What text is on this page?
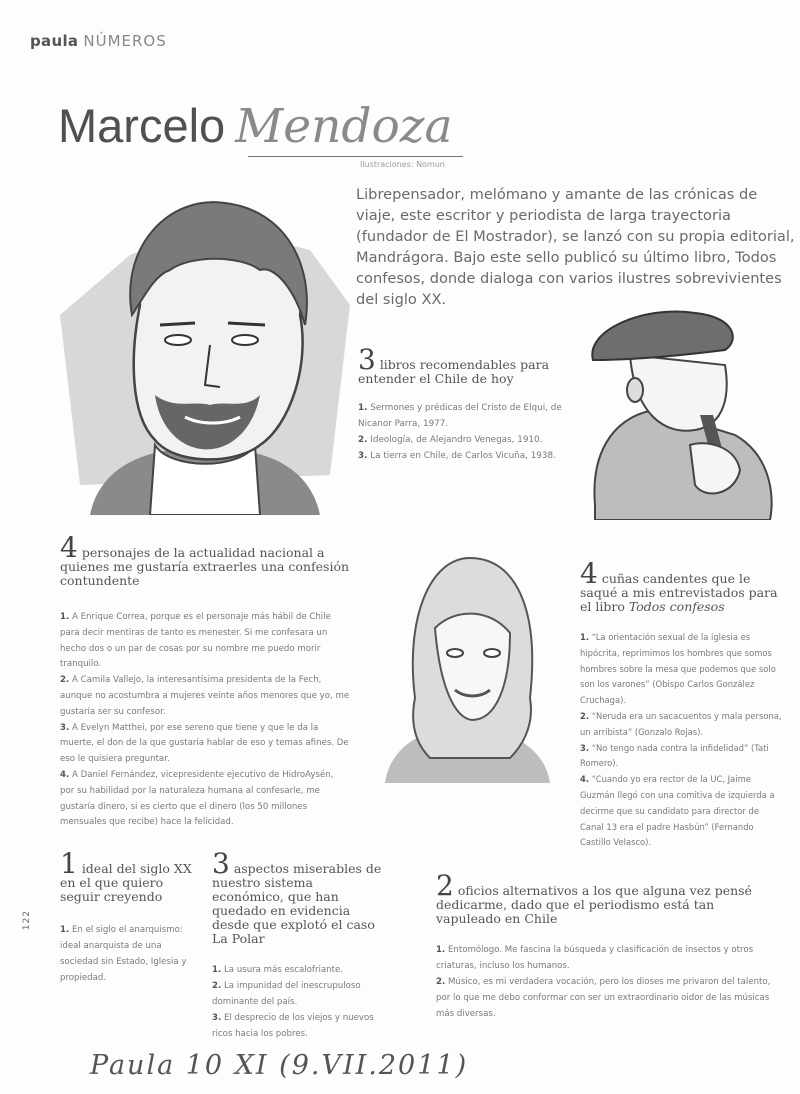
paula NÚMEROS
Marcelo Mendoza
Ilustraciones: Nomun
Librepensador, melómano y amante de las crónicas de viaje, este escritor y periodista de larga trayectoria (fundador de El Mostrador), se lanzó con su propia editorial, Mandrágora. Bajo este sello publicó su último libro, Todos confesos, donde dialoga con varios ilustres sobrevivientes del siglo XX.
3 libros recomendables para entender el Chile de hoy

1. Sermones y prédicas del Cristo de Elqui, de Nicanor Parra, 1977.

2. Ideología, de Alejandro Venegas, 1910.

3. La tierra en Chile, de Carlos Vicuña, 1938.

4 personajes de la actualidad nacional a quienes me gustaría extraerles una confesión contundente

1. A Enrique Correa, porque es el personaje más hábil de Chile para decir mentiras de tanto es menester. Si me confesara un hecho dos o un par de cosas por su nombre me puedo morir tranquilo.

2. A Camila Vallejo, la interesantísima presidenta de la Fech, aunque no acostumbra a mujeres veinte años menores que yo, me gustaría ser su confesor.

3. A Evelyn Matthei, por ese sereno que tiene y que le da la muerte, el don de la que gustaría hablar de eso y temas afines. De eso le quisiera preguntar.

4. A Daniel Fernández, vicepresidente ejecutivo de HidroAysén, por su habilidad por la naturaleza humana al confesarle, me gustaría dinero, si es cierto que el dinero (los 50 millones mensuales que recibe) hace la felicidad.

4 cuñas candentes que le saqué a mis entrevistados para el libro Todos confesos

1. “La orientación sexual de la iglesia es hipócrita, reprimimos los hombres que somos hombres sobre la mesa que podemos que solo son los varones” (Obispo Carlos González Cruchaga).

2. “Neruda era un sacacuentos y mala persona, un arribista” (Gonzalo Rojas).

3. “No tengo nada contra la infidelidad” (Tati Romero).

4. “Cuando yo era rector de la UC, Jaime Guzmán llegó con una comitiva de izquierda a decirme que su candidato para director de Canal 13 era el padre Hasbún” (Fernando Castillo Velasco).

1 ideal del siglo XX en el que quiero seguir creyendo

1. En el siglo el anarquismo: ideal anarquista de una sociedad sin Estado, Iglesia y propiedad.

3 aspectos miserables de nuestro sistema económico, que han quedado en evidencia desde que explotó el caso La Polar

1. La usura más escalofriante.

2. La impunidad del inescrupuloso dominante del país.

3. El desprecio de los viejos y nuevos ricos hacia los pobres.

2 oficios alternativos a los que alguna vez pensé dedicarme, dado que el periodismo está tan vapuleado en Chile

1. Entomólogo. Me fascina la búsqueda y clasificación de insectos y otros criaturas, incluso los humanos.

2. Músico, es mi verdadera vocación, pero los dioses me privaron del talento, por lo que me debo conformar con ser un extraordinario oidor de las músicas más diversas.

122
Paula 10 XI (9.VII.2011)
